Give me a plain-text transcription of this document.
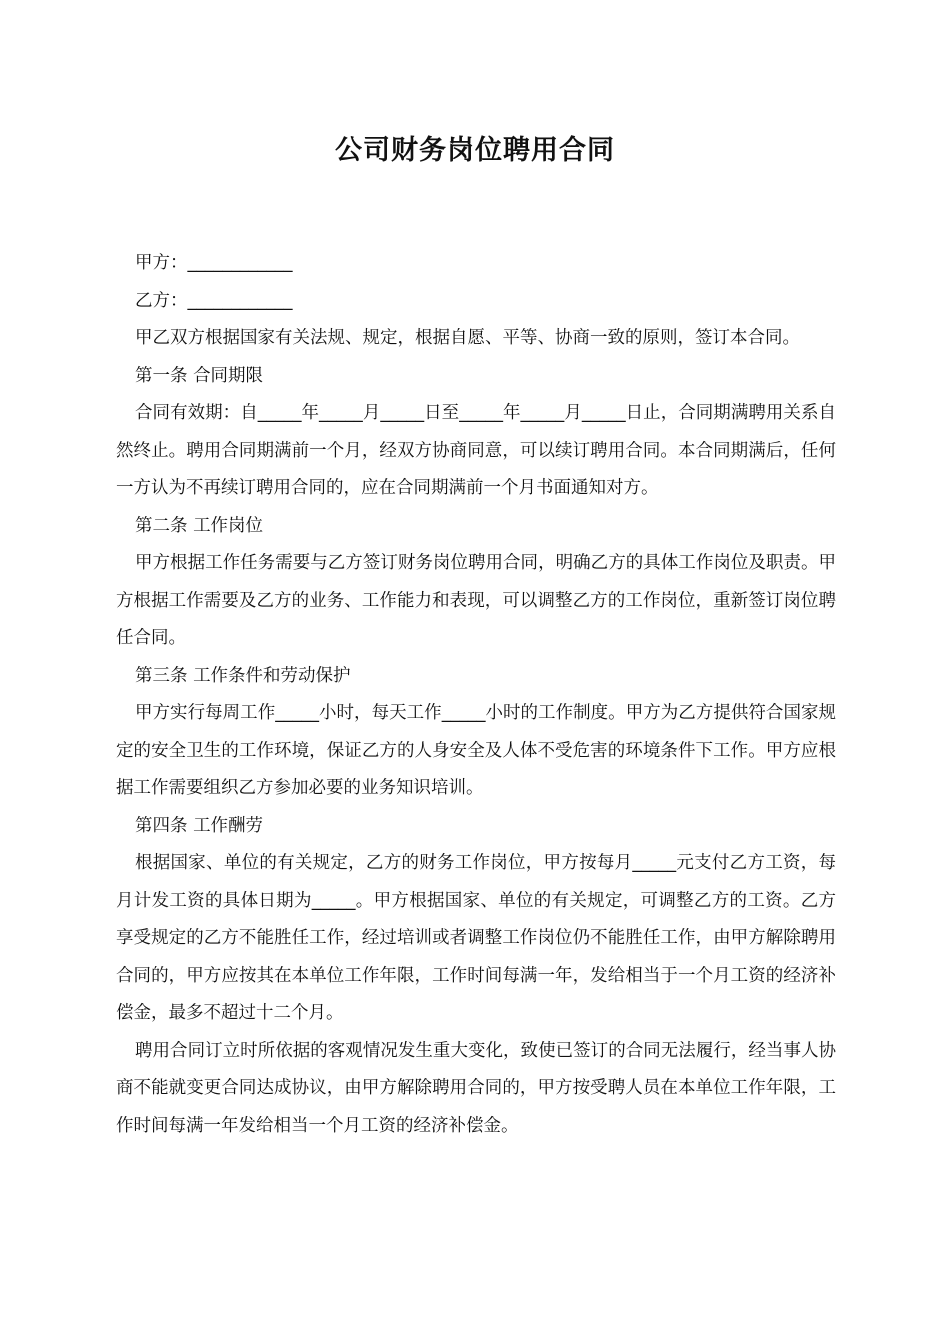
公司财务岗位聘用合同

甲方：____________

乙方：____________

甲乙双方根据国家有关法规、规定，根据自愿、平等、协商一致的原则，签订本合同。

第一条 合同期限

合同有效期：自_____年_____月_____日至_____年_____月_____日止，合同期满聘用关系自然终止。聘用合同期满前一个月，经双方协商同意，可以续订聘用合同。本合同期满后，任何一方认为不再续订聘用合同的，应在合同期满前一个月书面通知对方。

第二条 工作岗位

甲方根据工作任务需要与乙方签订财务岗位聘用合同，明确乙方的具体工作岗位及职责。甲方根据工作需要及乙方的业务、工作能力和表现，可以调整乙方的工作岗位，重新签订岗位聘任合同。

第三条 工作条件和劳动保护

甲方实行每周工作_____小时，每天工作_____小时的工作制度。甲方为乙方提供符合国家规定的安全卫生的工作环境，保证乙方的人身安全及人体不受危害的环境条件下工作。甲方应根据工作需要组织乙方参加必要的业务知识培训。

第四条 工作酬劳

根据国家、单位的有关规定，乙方的财务工作岗位，甲方按每月_____元支付乙方工资，每月计发工资的具体日期为_____。甲方根据国家、单位的有关规定，可调整乙方的工资。乙方享受规定的乙方不能胜任工作，经过培训或者调整工作岗位仍不能胜任工作，由甲方解除聘用合同的，甲方应按其在本单位工作年限，工作时间每满一年，发给相当于一个月工资的经济补偿金，最多不超过十二个月。

聘用合同订立时所依据的客观情况发生重大变化，致使已签订的合同无法履行，经当事人协商不能就变更合同达成协议，由甲方解除聘用合同的，甲方按受聘人员在本单位工作年限，工作时间每满一年发给相当一个月工资的经济补偿金。
